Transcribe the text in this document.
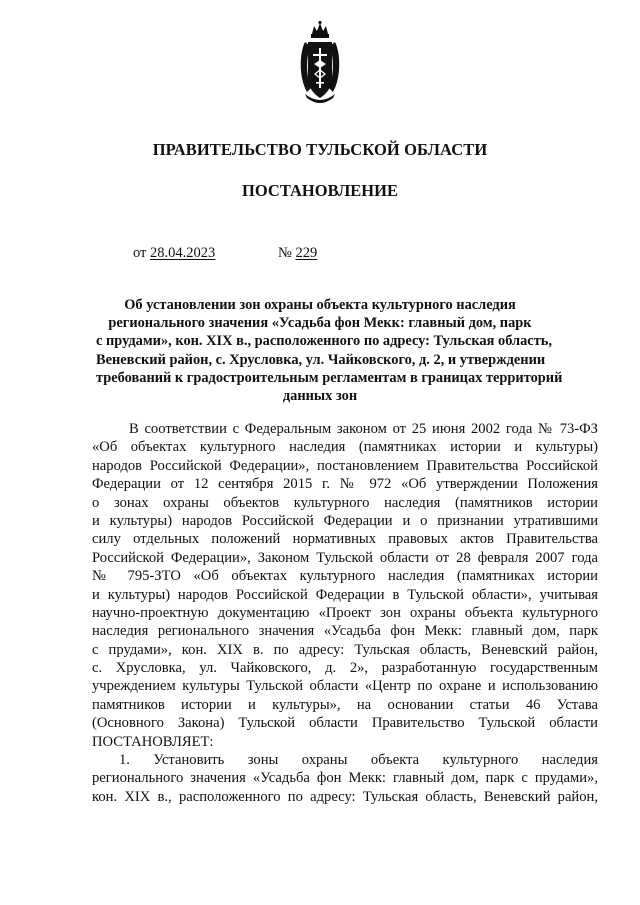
ПРАВИТЕЛЬСТВО ТУЛЬСКОЙ ОБЛАСТИ
ПОСТАНОВЛЕНИЕ
от 28.04.2023	№ 229
Об установлении зон охраны объекта культурного наследия
регионального значения «Усадьба фон Мекк: главный дом, парк
с прудами», кон. XIX в., расположенного по адресу: Тульская область,
Веневский район, с. Хрусловка, ул. Чайковского, д. 2, и утверждении
требований к градостроительным регламентам в границах территорий
данных зон
В соответствии с Федеральным законом от 25 июня 2002 года № 73-ФЗ
«Об объектах культурного наследия (памятниках истории и культуры)
народов Российской Федерации», постановлением Правительства Российской
Федерации от 12 сентября 2015 г. № 972 «Об утверждении Положения
о зонах охраны объектов культурного наследия (памятников истории
и культуры) народов Российской Федерации и о признании утратившими
силу отдельных положений нормативных правовых актов Правительства
Российской Федерации», Законом Тульской области от 28 февраля 2007 года
№ 795-ЗТО «Об объектах культурного наследия (памятниках истории
и культуры) народов Российской Федерации в Тульской области», учитывая
научно-проектную документацию «Проект зон охраны объекта культурного
наследия регионального значения «Усадьба фон Мекк: главный дом, парк
с прудами», кон. XIX в. по адресу: Тульская область, Веневский район,
с. Хрусловка, ул. Чайковского, д. 2», разработанную государственным
учреждением культуры Тульской области «Центр по охране и использованию
памятников истории и культуры», на основании статьи 46 Устава
(Основного Закона) Тульской области Правительство Тульской области
ПОСТАНОВЛЯЕТ:
1. Установить зоны охраны объекта культурного наследия
регионального значения «Усадьба фон Мекк: главный дом, парк с прудами»,
кон. XIX в., расположенного по адресу: Тульская область, Веневский район,
